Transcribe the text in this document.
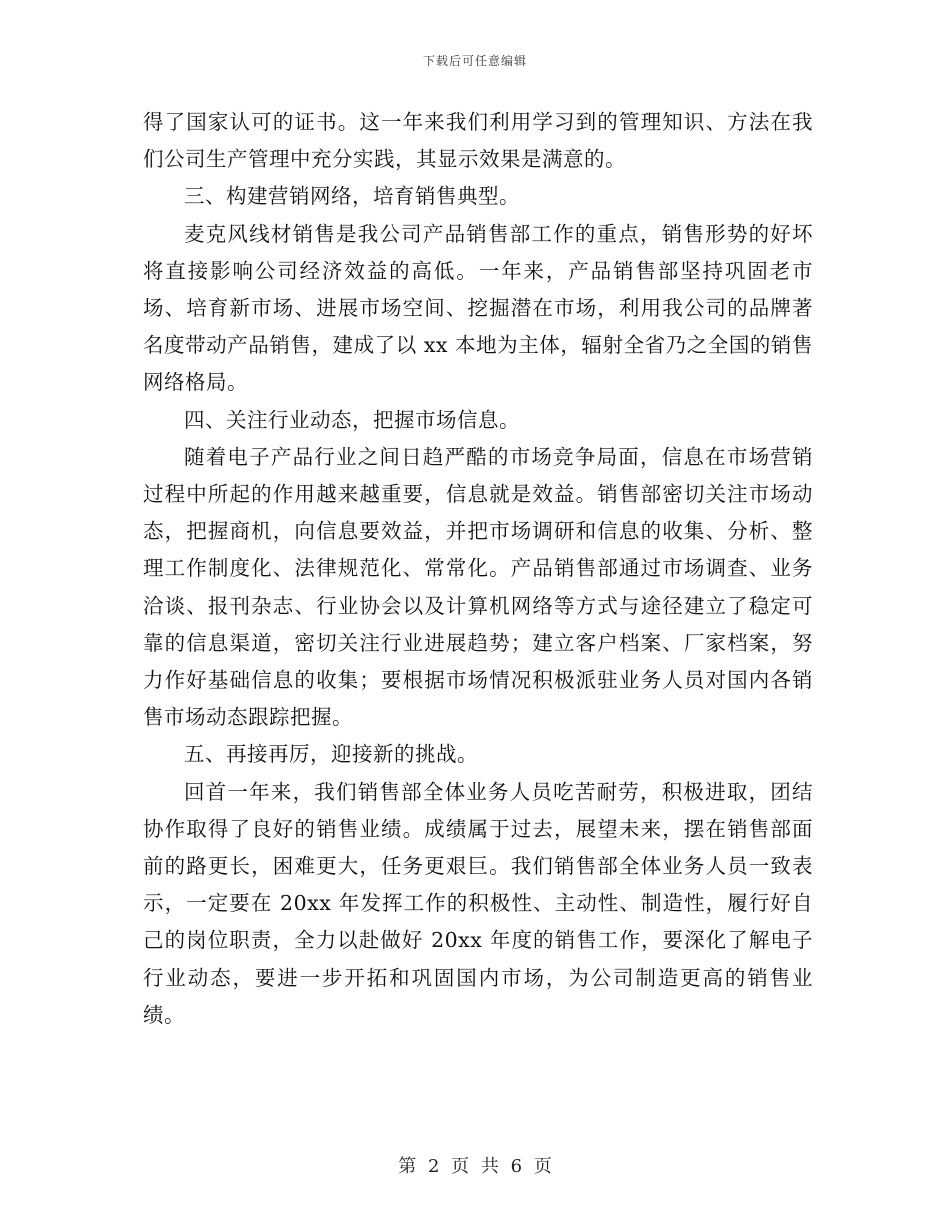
下载后可任意编辑

得了国家认可的证书。这一年来我们利用学习到的管理知识、方法在我们公司生产管理中充分实践，其显示效果是满意的。

三、构建营销网络，培育销售典型。

麦克风线材销售是我公司产品销售部工作的重点，销售形势的好坏将直接影响公司经济效益的高低。一年来，产品销售部坚持巩固老市场、培育新市场、进展市场空间、挖掘潜在市场，利用我公司的品牌著名度带动产品销售，建成了以 xx 本地为主体，辐射全省乃之全国的销售网络格局。

四、关注行业动态，把握市场信息。

随着电子产品行业之间日趋严酷的市场竞争局面，信息在市场营销过程中所起的作用越来越重要，信息就是效益。销售部密切关注市场动态，把握商机，向信息要效益，并把市场调研和信息的收集、分析、整理工作制度化、法律规范化、常常化。产品销售部通过市场调查、业务洽谈、报刊杂志、行业协会以及计算机网络等方式与途径建立了稳定可靠的信息渠道，密切关注行业进展趋势；建立客户档案、厂家档案，努力作好基础信息的收集；要根据市场情况积极派驻业务人员对国内各销售市场动态跟踪把握。

五、再接再厉，迎接新的挑战。

回首一年来，我们销售部全体业务人员吃苦耐劳，积极进取，团结协作取得了良好的销售业绩。成绩属于过去，展望未来，摆在销售部面前的路更长，困难更大，任务更艰巨。我们销售部全体业务人员一致表示，一定要在 20xx 年发挥工作的积极性、主动性、制造性，履行好自己的岗位职责，全力以赴做好 20xx 年度的销售工作，要深化了解电子行业动态，要进一步开拓和巩固国内市场，为公司制造更高的销售业绩。

第 2 页 共 6 页
